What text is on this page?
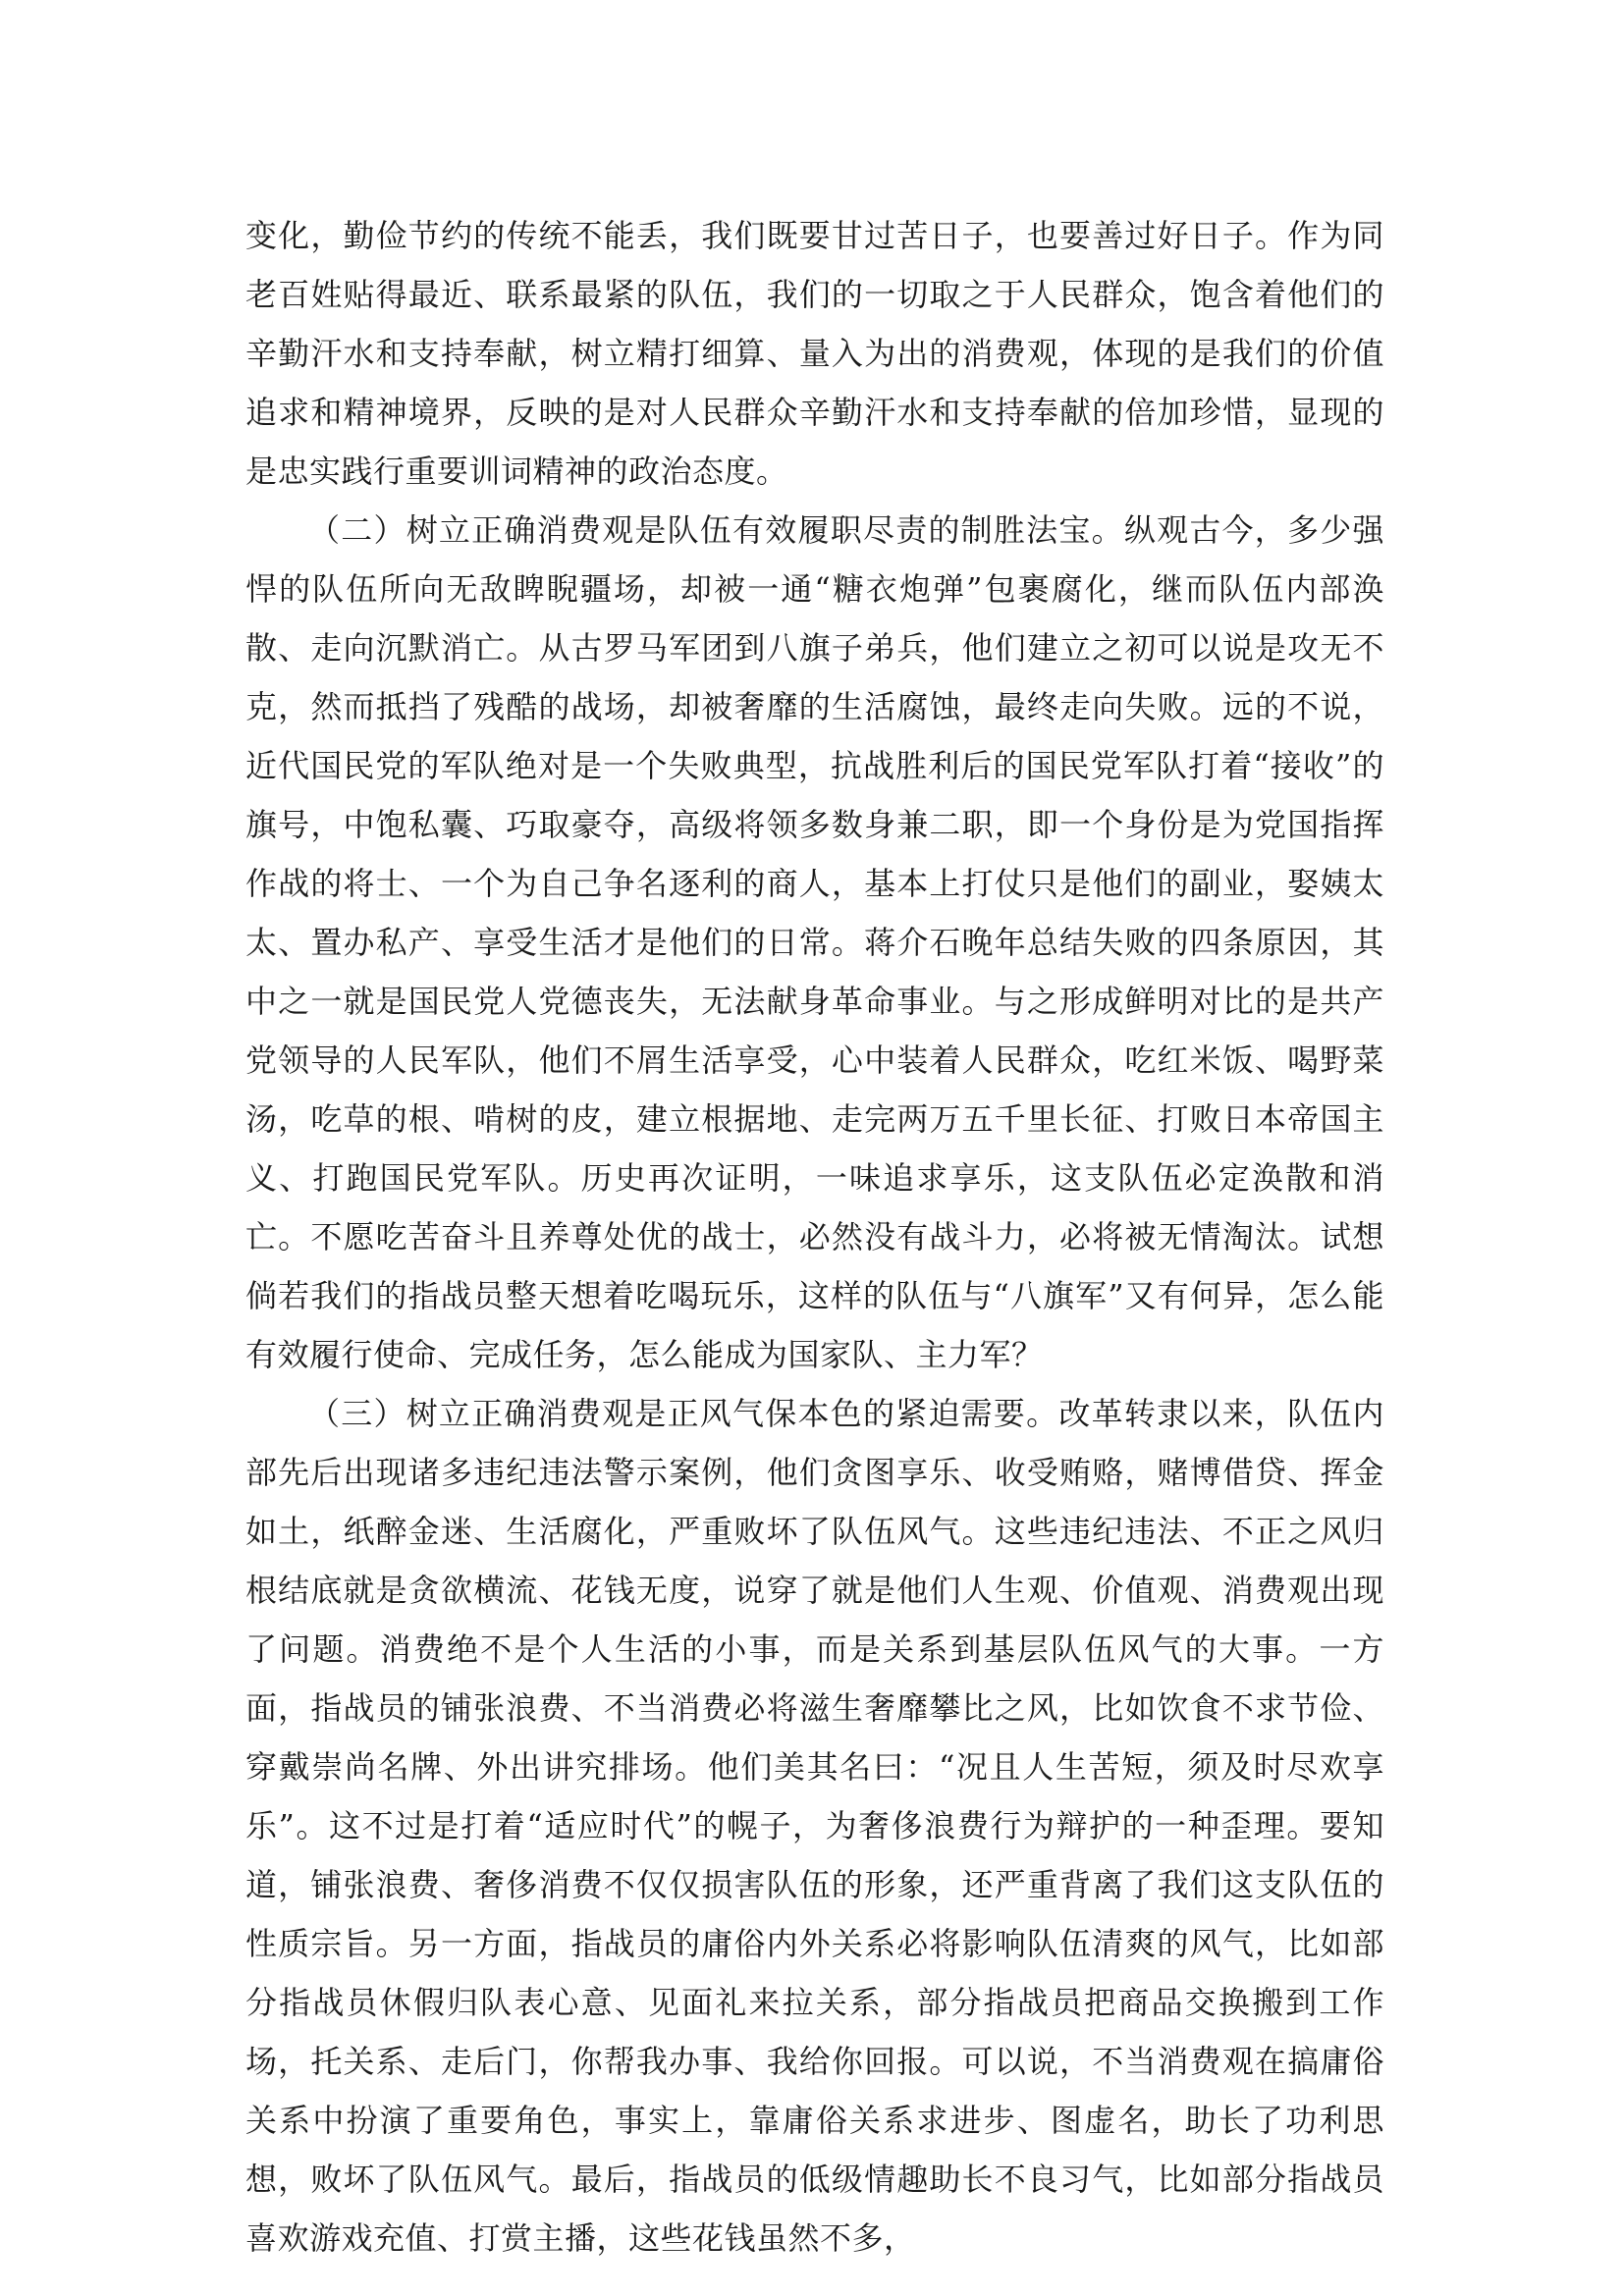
变化，勤俭节约的传统不能丢，我们既要甘过苦日子，也要善过好日子。作为同老百姓贴得最近、联系最紧的队伍，我们的一切取之于人民群众，饱含着他们的辛勤汗水和支持奉献，树立精打细算、量入为出的消费观，体现的是我们的价值追求和精神境界，反映的是对人民群众辛勤汗水和支持奉献的倍加珍惜，显现的是忠实践行重要训词精神的政治态度。

（二）树立正确消费观是队伍有效履职尽责的制胜法宝。纵观古今，多少强悍的队伍所向无敌睥睨疆场，却被一通“糖衣炮弹”包裹腐化，继而队伍内部涣散、走向沉默消亡。从古罗马军团到八旗子弟兵，他们建立之初可以说是攻无不克，然而抵挡了残酷的战场，却被奢靡的生活腐蚀，最终走向失败。远的不说，近代国民党的军队绝对是一个失败典型，抗战胜利后的国民党军队打着“接收”的旗号，中饱私囊、巧取豪夺，高级将领多数身兼二职，即一个身份是为党国指挥作战的将士、一个为自己争名逐利的商人，基本上打仗只是他们的副业，娶姨太太、置办私产、享受生活才是他们的日常。蒋介石晚年总结失败的四条原因，其中之一就是国民党人党德丧失，无法献身革命事业。与之形成鲜明对比的是共产党领导的人民军队，他们不屑生活享受，心中装着人民群众，吃红米饭、喝野菜汤，吃草的根、啃树的皮，建立根据地、走完两万五千里长征、打败日本帝国主义、打跑国民党军队。历史再次证明，一味追求享乐，这支队伍必定涣散和消亡。不愿吃苦奋斗且养尊处优的战士，必然没有战斗力，必将被无情淘汰。试想倘若我们的指战员整天想着吃喝玩乐，这样的队伍与“八旗军”又有何异，怎么能有效履行使命、完成任务，怎么能成为国家队、主力军？

（三）树立正确消费观是正风气保本色的紧迫需要。改革转隶以来，队伍内部先后出现诸多违纪违法警示案例，他们贪图享乐、收受贿赂，赌博借贷、挥金如土，纸醉金迷、生活腐化，严重败坏了队伍风气。这些违纪违法、不正之风归根结底就是贪欲横流、花钱无度，说穿了就是他们人生观、价值观、消费观出现了问题。消费绝不是个人生活的小事，而是关系到基层队伍风气的大事。一方面，指战员的铺张浪费、不当消费必将滋生奢靡攀比之风，比如饮食不求节俭、穿戴崇尚名牌、外出讲究排场。他们美其名曰：“况且人生苦短，须及时尽欢享乐”。这不过是打着“适应时代”的幌子，为奢侈浪费行为辩护的一种歪理。要知道，铺张浪费、奢侈消费不仅仅损害队伍的形象，还严重背离了我们这支队伍的性质宗旨。另一方面，指战员的庸俗内外关系必将影响队伍清爽的风气，比如部分指战员休假归队表心意、见面礼来拉关系，部分指战员把商品交换搬到工作场，托关系、走后门，你帮我办事、我给你回报。可以说，不当消费观在搞庸俗关系中扮演了重要角色，事实上，靠庸俗关系求进步、图虚名，助长了功利思想，败坏了队伍风气。最后，指战员的低级情趣助长不良习气，比如部分指战员喜欢游戏充值、打赏主播，这些花钱虽然不多，
